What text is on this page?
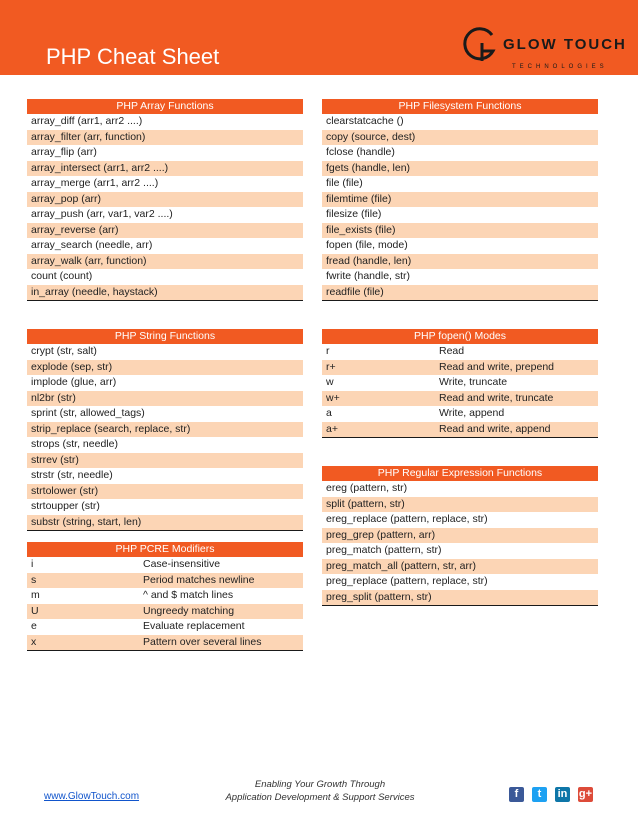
PHP Cheat Sheet	GLOW TOUCH
TECHNOLOGIES
PHP Array Functions
array_diff (arr1, arr2 ....)
array_filter (arr, function)
array_flip (arr)
array_intersect (arr1, arr2 ....)
array_merge (arr1, arr2 ....)
array_pop (arr)
array_push (arr, var1, var2 ....)
array_reverse (arr)
array_search (needle, arr)
array_walk (arr, function)
count (count)
in_array (needle, haystack)
PHP Filesystem Functions
clearstatcache ()
copy (source, dest)
fclose (handle)
fgets (handle, len)
file (file)
filemtime (file)
filesize (file)
file_exists (file)
fopen (file, mode)
fread (handle, len)
fwrite (handle, str)
readfile (file)
PHP String Functions
crypt (str, salt)
explode (sep, str)
implode (glue, arr)
nl2br (str)
sprint (str, allowed_tags)
strip_replace (search, replace, str)
strops (str, needle)
strrev (str)
strstr (str, needle)
strtolower (str)
strtoupper (str)
substr (string, start, len)
PHP fopen() Modes
r	Read
r+	Read and write, prepend
w	Write, truncate
w+	Read and write, truncate
a	Write, append
a+	Read and write, append
PHP PCRE Modifiers
i	Case-insensitive
s	Period matches newline
m	^ and $ match lines
U	Ungreedy matching
e	Evaluate replacement
x	Pattern over several lines
PHP Regular Expression Functions
ereg (pattern, str)
split (pattern, str)
ereg_replace (pattern, replace, str)
preg_grep (pattern, arr)
preg_match (pattern, str)
preg_match_all (pattern, str, arr)
preg_replace (pattern, replace, str)
preg_split (pattern, str)
www.GlowTouch.com
Enabling Your Growth Through
Application Development & Support Services	f	t	in g+
